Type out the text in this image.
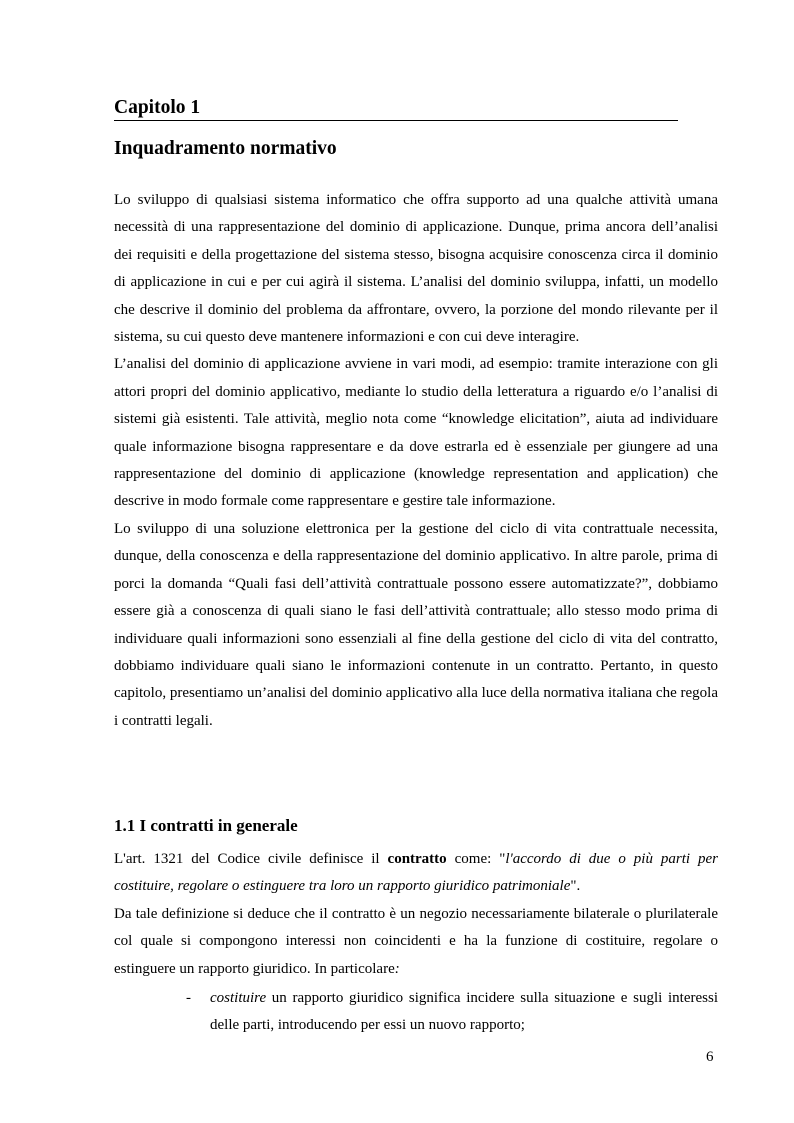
Capitolo 1
Inquadramento normativo

Lo sviluppo di qualsiasi sistema informatico che offra supporto ad una qualche attività umana necessità di una rappresentazione del dominio di applicazione. Dunque, prima ancora dell’analisi dei requisiti e della progettazione del sistema stesso, bisogna acquisire conoscenza circa il dominio di applicazione in cui e per cui agirà il sistema. L’analisi del dominio sviluppa, infatti, un modello che descrive il dominio del problema da affrontare, ovvero, la porzione del mondo rilevante per il sistema, su cui questo deve mantenere informazioni e con cui deve interagire.

L’analisi del dominio di applicazione avviene in vari modi, ad esempio: tramite interazione con gli attori propri del dominio applicativo, mediante lo studio della letteratura a riguardo e/o l’analisi di sistemi già esistenti. Tale attività, meglio nota come “knowledge elicitation”, aiuta ad individuare quale informazione bisogna rappresentare e da dove estrarla ed è essenziale per giungere ad una rappresentazione del dominio di applicazione (knowledge representation and application) che descrive in modo formale come rappresentare e gestire tale informazione.

Lo sviluppo di una soluzione elettronica per la gestione del ciclo di vita contrattuale necessita, dunque, della conoscenza e della rappresentazione del dominio applicativo. In altre parole, prima di porci la domanda “Quali fasi dell’attività contrattuale possono essere automatizzate?”, dobbiamo essere già a conoscenza di quali siano le fasi dell’attività contrattuale; allo stesso modo prima di individuare quali informazioni sono essenziali al fine della gestione del ciclo di vita del contratto, dobbiamo individuare quali siano le informazioni contenute in un contratto. Pertanto, in questo capitolo, presentiamo un’analisi del dominio applicativo alla luce della normativa italiana che regola i contratti legali.

1.1 I contratti in generale

L'art. 1321 del Codice civile definisce il contratto come: "l'accordo di due o più parti per costituire, regolare o estinguere tra loro un rapporto giuridico patrimoniale".

Da tale definizione si deduce che il contratto è un negozio necessariamente bilaterale o plurilaterale col quale si compongono interessi non coincidenti e ha la funzione di costituire, regolare o estinguere un rapporto giuridico. In particolare:

- costituire un rapporto giuridico significa incidere sulla situazione e sugli interessi delle parti, introducendo per essi un nuovo rapporto;
6
